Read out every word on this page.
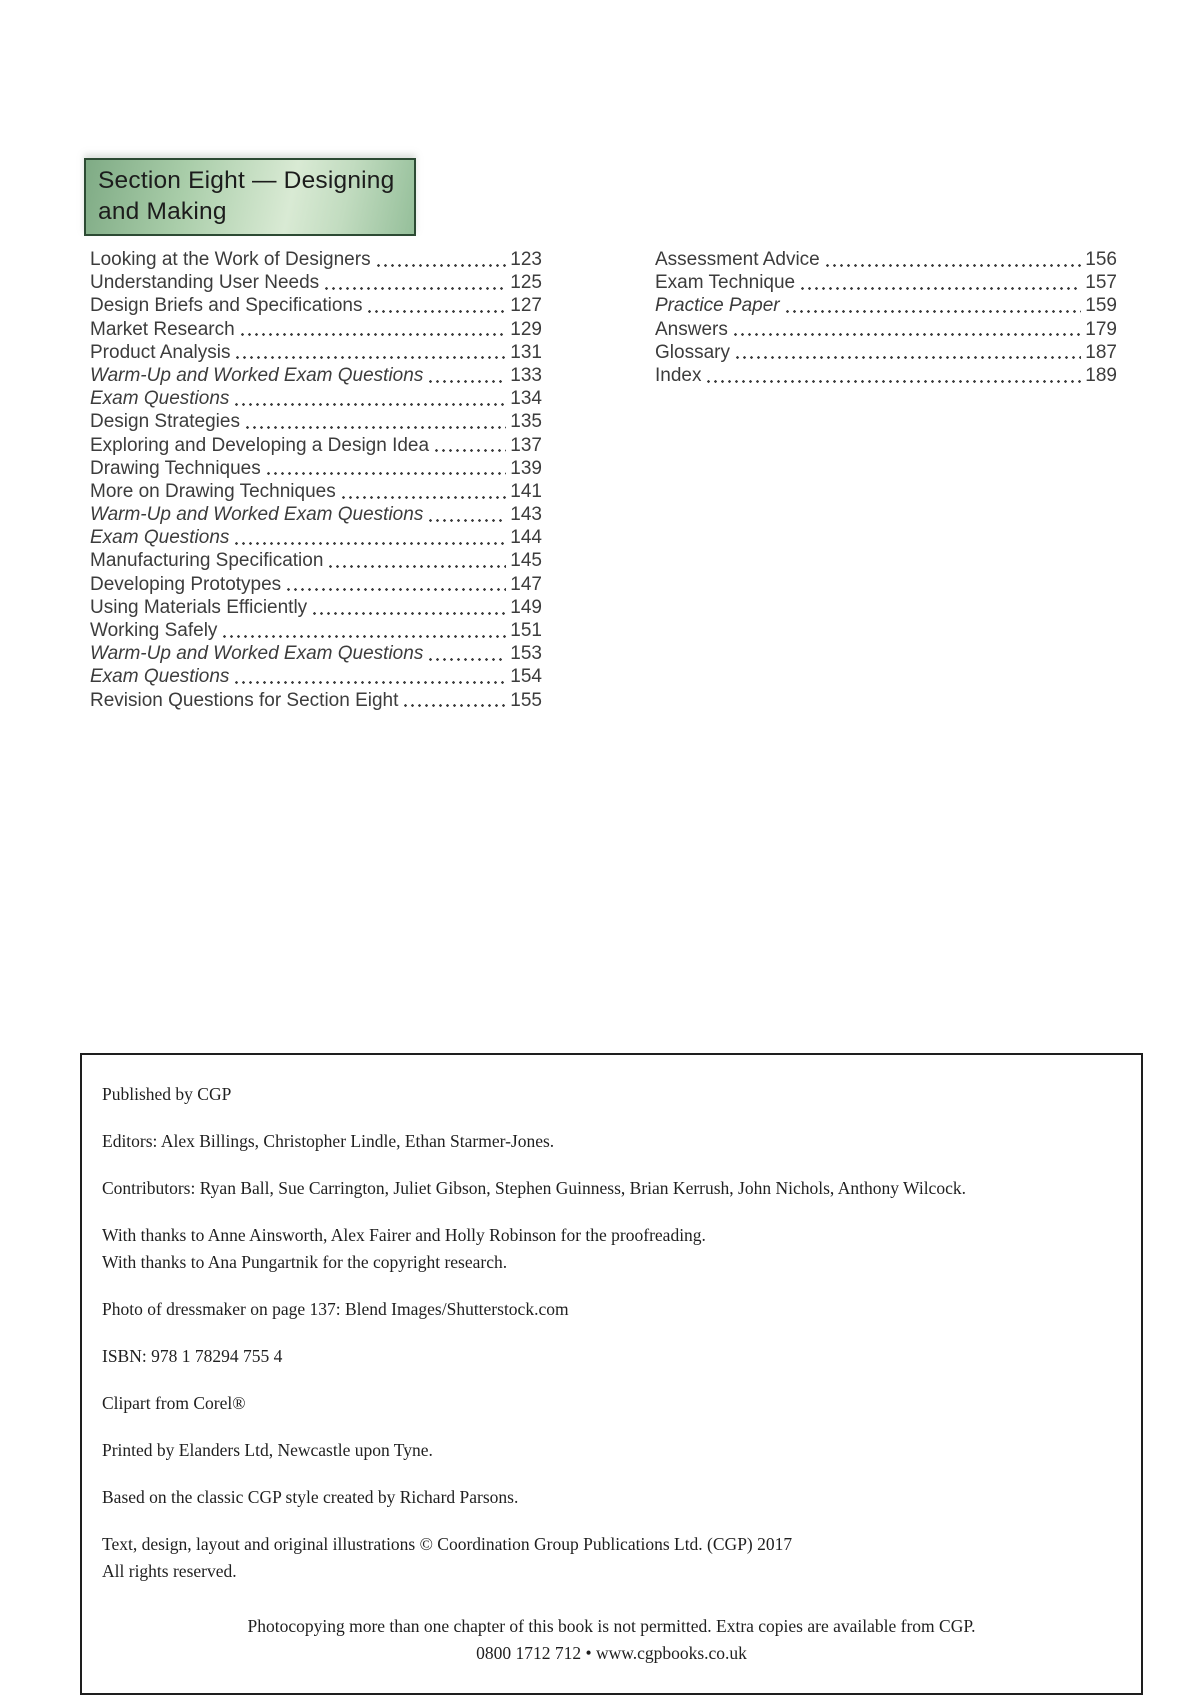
Section Eight — Designing
and Making
Looking at the Work of Designers	123
Understanding User Needs	125
Design Briefs and Specifications	127
Market Research	129
Product Analysis	131
Warm-Up and Worked Exam Questions	133
Exam Questions	134
Design Strategies	135
Exploring and Developing a Design Idea	137
Drawing Techniques	139
More on Drawing Techniques	141
Warm-Up and Worked Exam Questions	143
Exam Questions	144
Manufacturing Specification	145
Developing Prototypes	147
Using Materials Efficiently	149
Working Safely	151
Warm-Up and Worked Exam Questions	153
Exam Questions	154
Revision Questions for Section Eight	155
Assessment Advice	156
Exam Technique	157
Practice Paper	159
Answers	179
Glossary	187
Index	189

Published by CGP

Editors: Alex Billings, Christopher Lindle, Ethan Starmer-Jones.

Contributors: Ryan Ball, Sue Carrington, Juliet Gibson, Stephen Guinness, Brian Kerrush, John Nichols, Anthony Wilcock.

With thanks to Anne Ainsworth, Alex Fairer and Holly Robinson for the proofreading.
With thanks to Ana Pungartnik for the copyright research.

Photo of dressmaker on page 137: Blend Images/Shutterstock.com

ISBN: 978 1 78294 755 4

Clipart from Corel®

Printed by Elanders Ltd, Newcastle upon Tyne.

Based on the classic CGP style created by Richard Parsons.

Text, design, layout and original illustrations © Coordination Group Publications Ltd. (CGP) 2017
All rights reserved.

Photocopying more than one chapter of this book is not permitted. Extra copies are available from CGP.
0800 1712 712 • www.cgpbooks.co.uk
